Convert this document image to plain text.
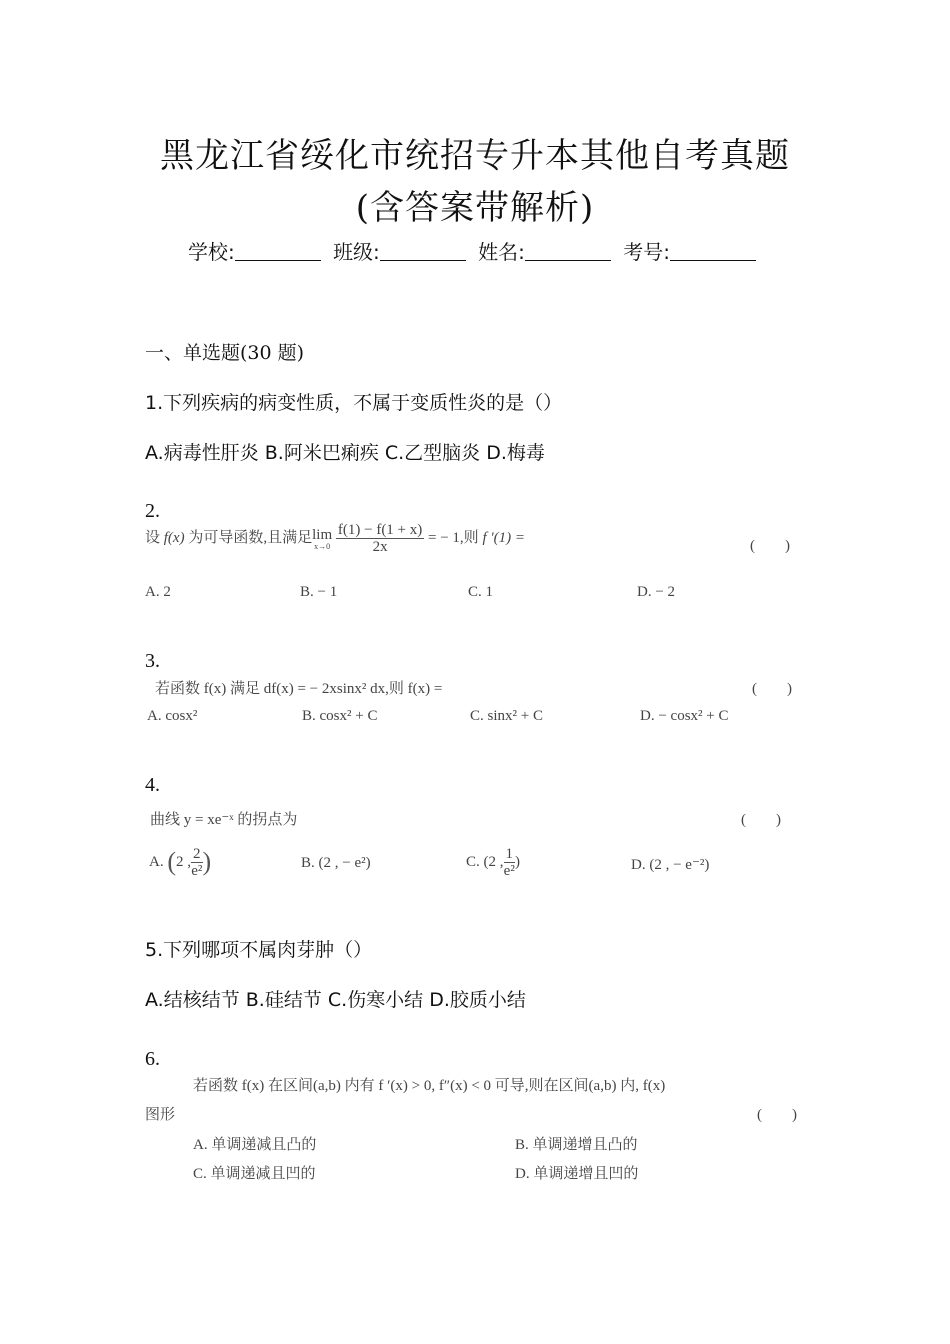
黑龙江省绥化市统招专升本其他自考真题
(含答案带解析)
学校:	班级:	姓名:	考号:
一、单选题(30 题)
1.下列疾病的病变性质，不属于变质性炎的是（）
A.病毒性肝炎 B.阿米巴痢疾 C.乙型脑炎 D.梅毒
2.
设 f(x) 为可导函数,且满足 lim
x→0
$\frac{f(1) - f(1 + x)}{2x}$ = − 1,则 f ′(1) =
(　　)
A. 2	B. − 1	C. 1	D. − 2
3.
若函数 f(x) 满足 df(x) = − 2xsinx² dx,则 f(x) =	(　　)
A. cosx²	B. cosx² + C	C. sinx² + C	D. − cosx² + C
4.
曲线 y = xe⁻ˣ 的拐点为	(　　)
A. (2 , $\frac{2}{\text{e²}}$ )	B. (2 , − e²)	C. (2 , $\frac{1}{\text{e²}}$ )	D. (2 , − e⁻²)
5.下列哪项不属肉芽肿（）
A.结核结节 B.硅结节 C.伤寒小结 D.胶质小结
6.
若函数 f(x) 在区间(a,b) 内有 f ′(x) > 0, f″(x) < 0 可导,则在区间(a,b) 内, f(x)
图形	(　　)
A. 单调递减且凸的	B. 单调递增且凸的
C. 单调递减且凹的	D. 单调递增且凹的
